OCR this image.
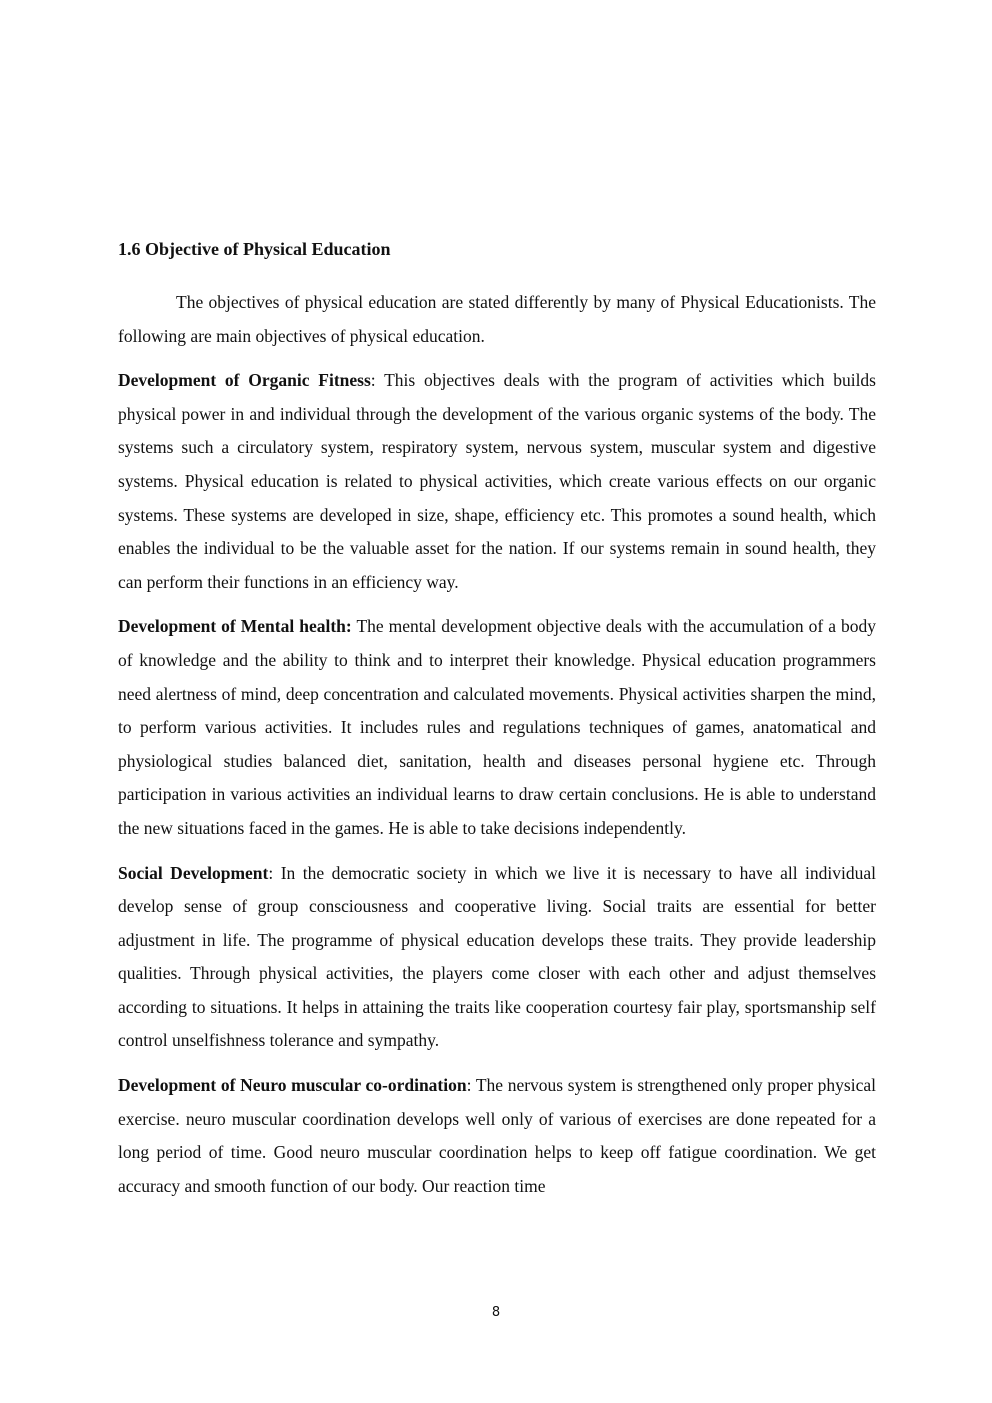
1.6 Objective of Physical Education

The objectives of physical education are stated differently by many of Physical Educationists. The following are main objectives of physical education.

Development of Organic Fitness: This objectives deals with the program of activities which builds physical power in and individual through the development of the various organic systems of the body. The systems such a circulatory system, respiratory system, nervous system, muscular system and digestive systems. Physical education is related to physical activities, which create various effects on our organic systems. These systems are developed in size, shape, efficiency etc. This promotes a sound health, which enables the individual to be the valuable asset for the nation. If our systems remain in sound health, they can perform their functions in an efficiency way.

Development of Mental health: The mental development objective deals with the accumulation of a body of knowledge and the ability to think and to interpret their knowledge. Physical education programmers need alertness of mind, deep concentration and calculated movements. Physical activities sharpen the mind, to perform various activities. It includes rules and regulations techniques of games, anatomatical and physiological studies balanced diet, sanitation, health and diseases personal hygiene etc. Through participation in various activities an individual learns to draw certain conclusions. He is able to understand the new situations faced in the games. He is able to take decisions independently.

Social Development: In the democratic society in which we live it is necessary to have all individual develop sense of group consciousness and cooperative living. Social traits are essential for better adjustment in life. The programme of physical education develops these traits. They provide leadership qualities. Through physical activities, the players come closer with each other and adjust themselves according to situations. It helps in attaining the traits like cooperation courtesy fair play, sportsmanship self control unselfishness tolerance and sympathy.

Development of Neuro muscular co-ordination: The nervous system is strengthened only proper physical exercise. neuro muscular coordination develops well only of various of exercises are done repeated for a long period of time. Good neuro muscular coordination helps to keep off fatigue coordination. We get accuracy and smooth function of our body. Our reaction time

8
